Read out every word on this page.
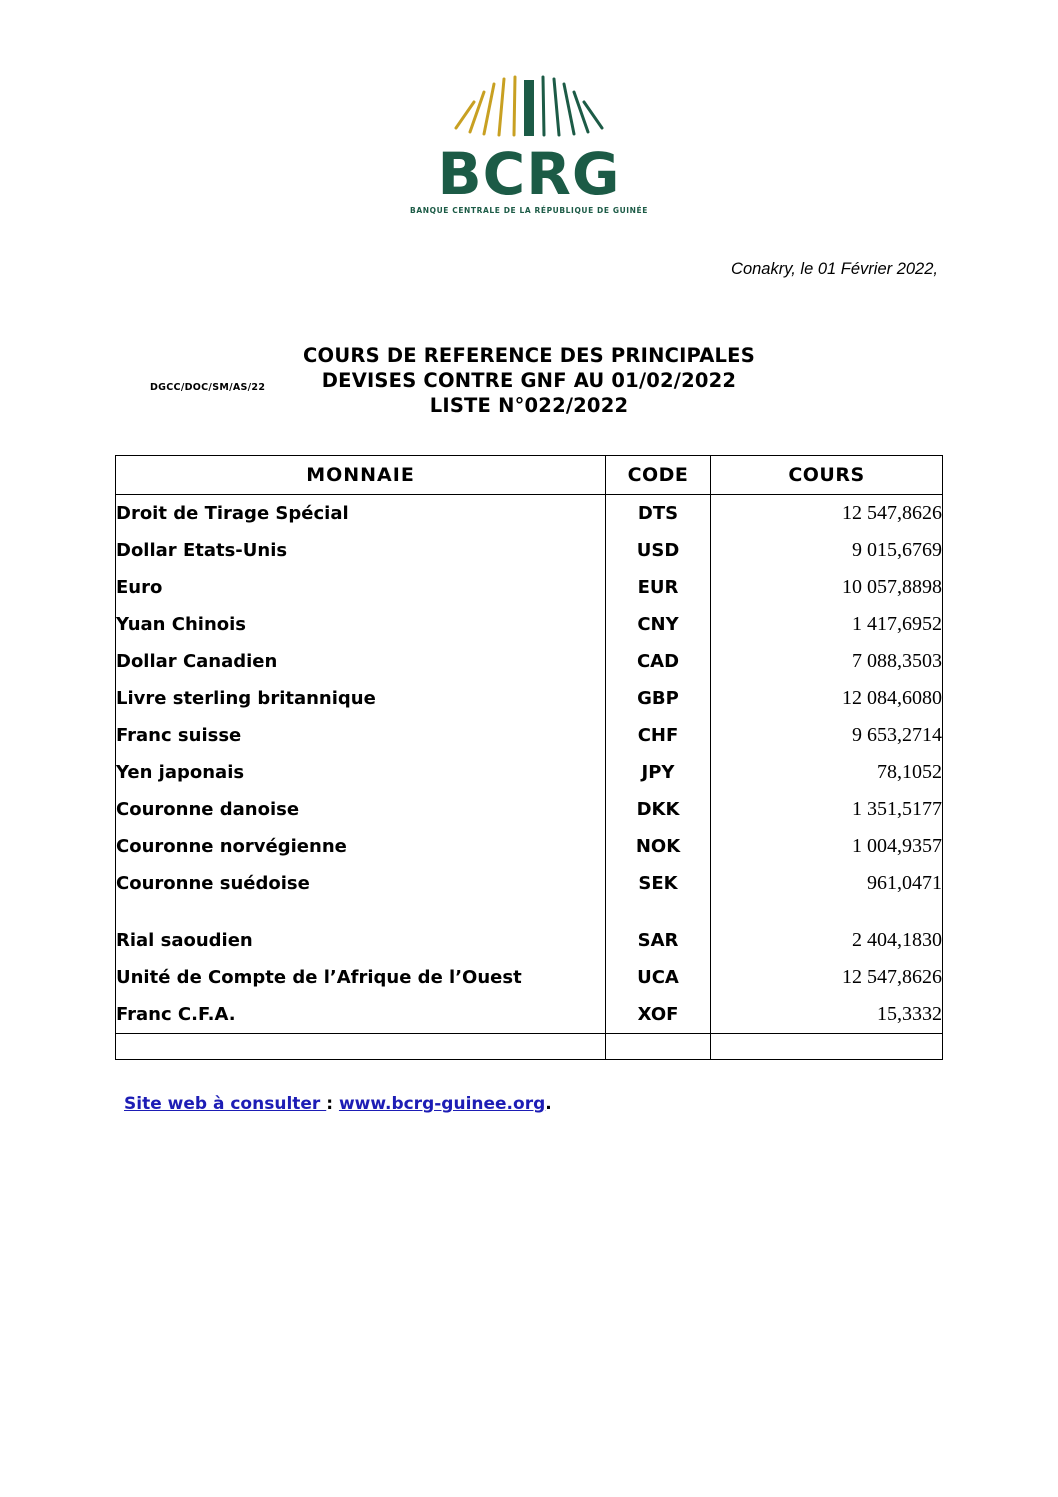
BCRG
BANQUE CENTRALE DE LA RÉPUBLIQUE DE GUINÉE
Conakry, le 01 Février 2022,
DGCC/DOC/SM/AS/22
COURS DE REFERENCE DES PRINCIPALES
DEVISES CONTRE GNF AU 01/02/2022
LISTE N°022/2022
MONNAIE	CODE	COURS
Droit de Tirage Spécial	DTS	12 547,8626
Dollar Etats-Unis	USD	9 015,6769
Euro	EUR	10 057,8898
Yuan Chinois	CNY	1 417,6952
Dollar Canadien	CAD	7 088,3503
Livre sterling britannique	GBP	12 084,6080
Franc suisse	CHF	9 653,2714
Yen japonais	JPY	78,1052
Couronne danoise	DKK	1 351,5177
Couronne norvégienne	NOK	1 004,9357
Couronne suédoise	SEK	961,0471

Rial saoudien	SAR	2 404,1830
Unité de Compte de l’Afrique de l’Ouest	UCA	12 547,8626
Franc C.F.A.	XOF	15,3332

Site web à consulter : www.bcrg-guinee.org.
